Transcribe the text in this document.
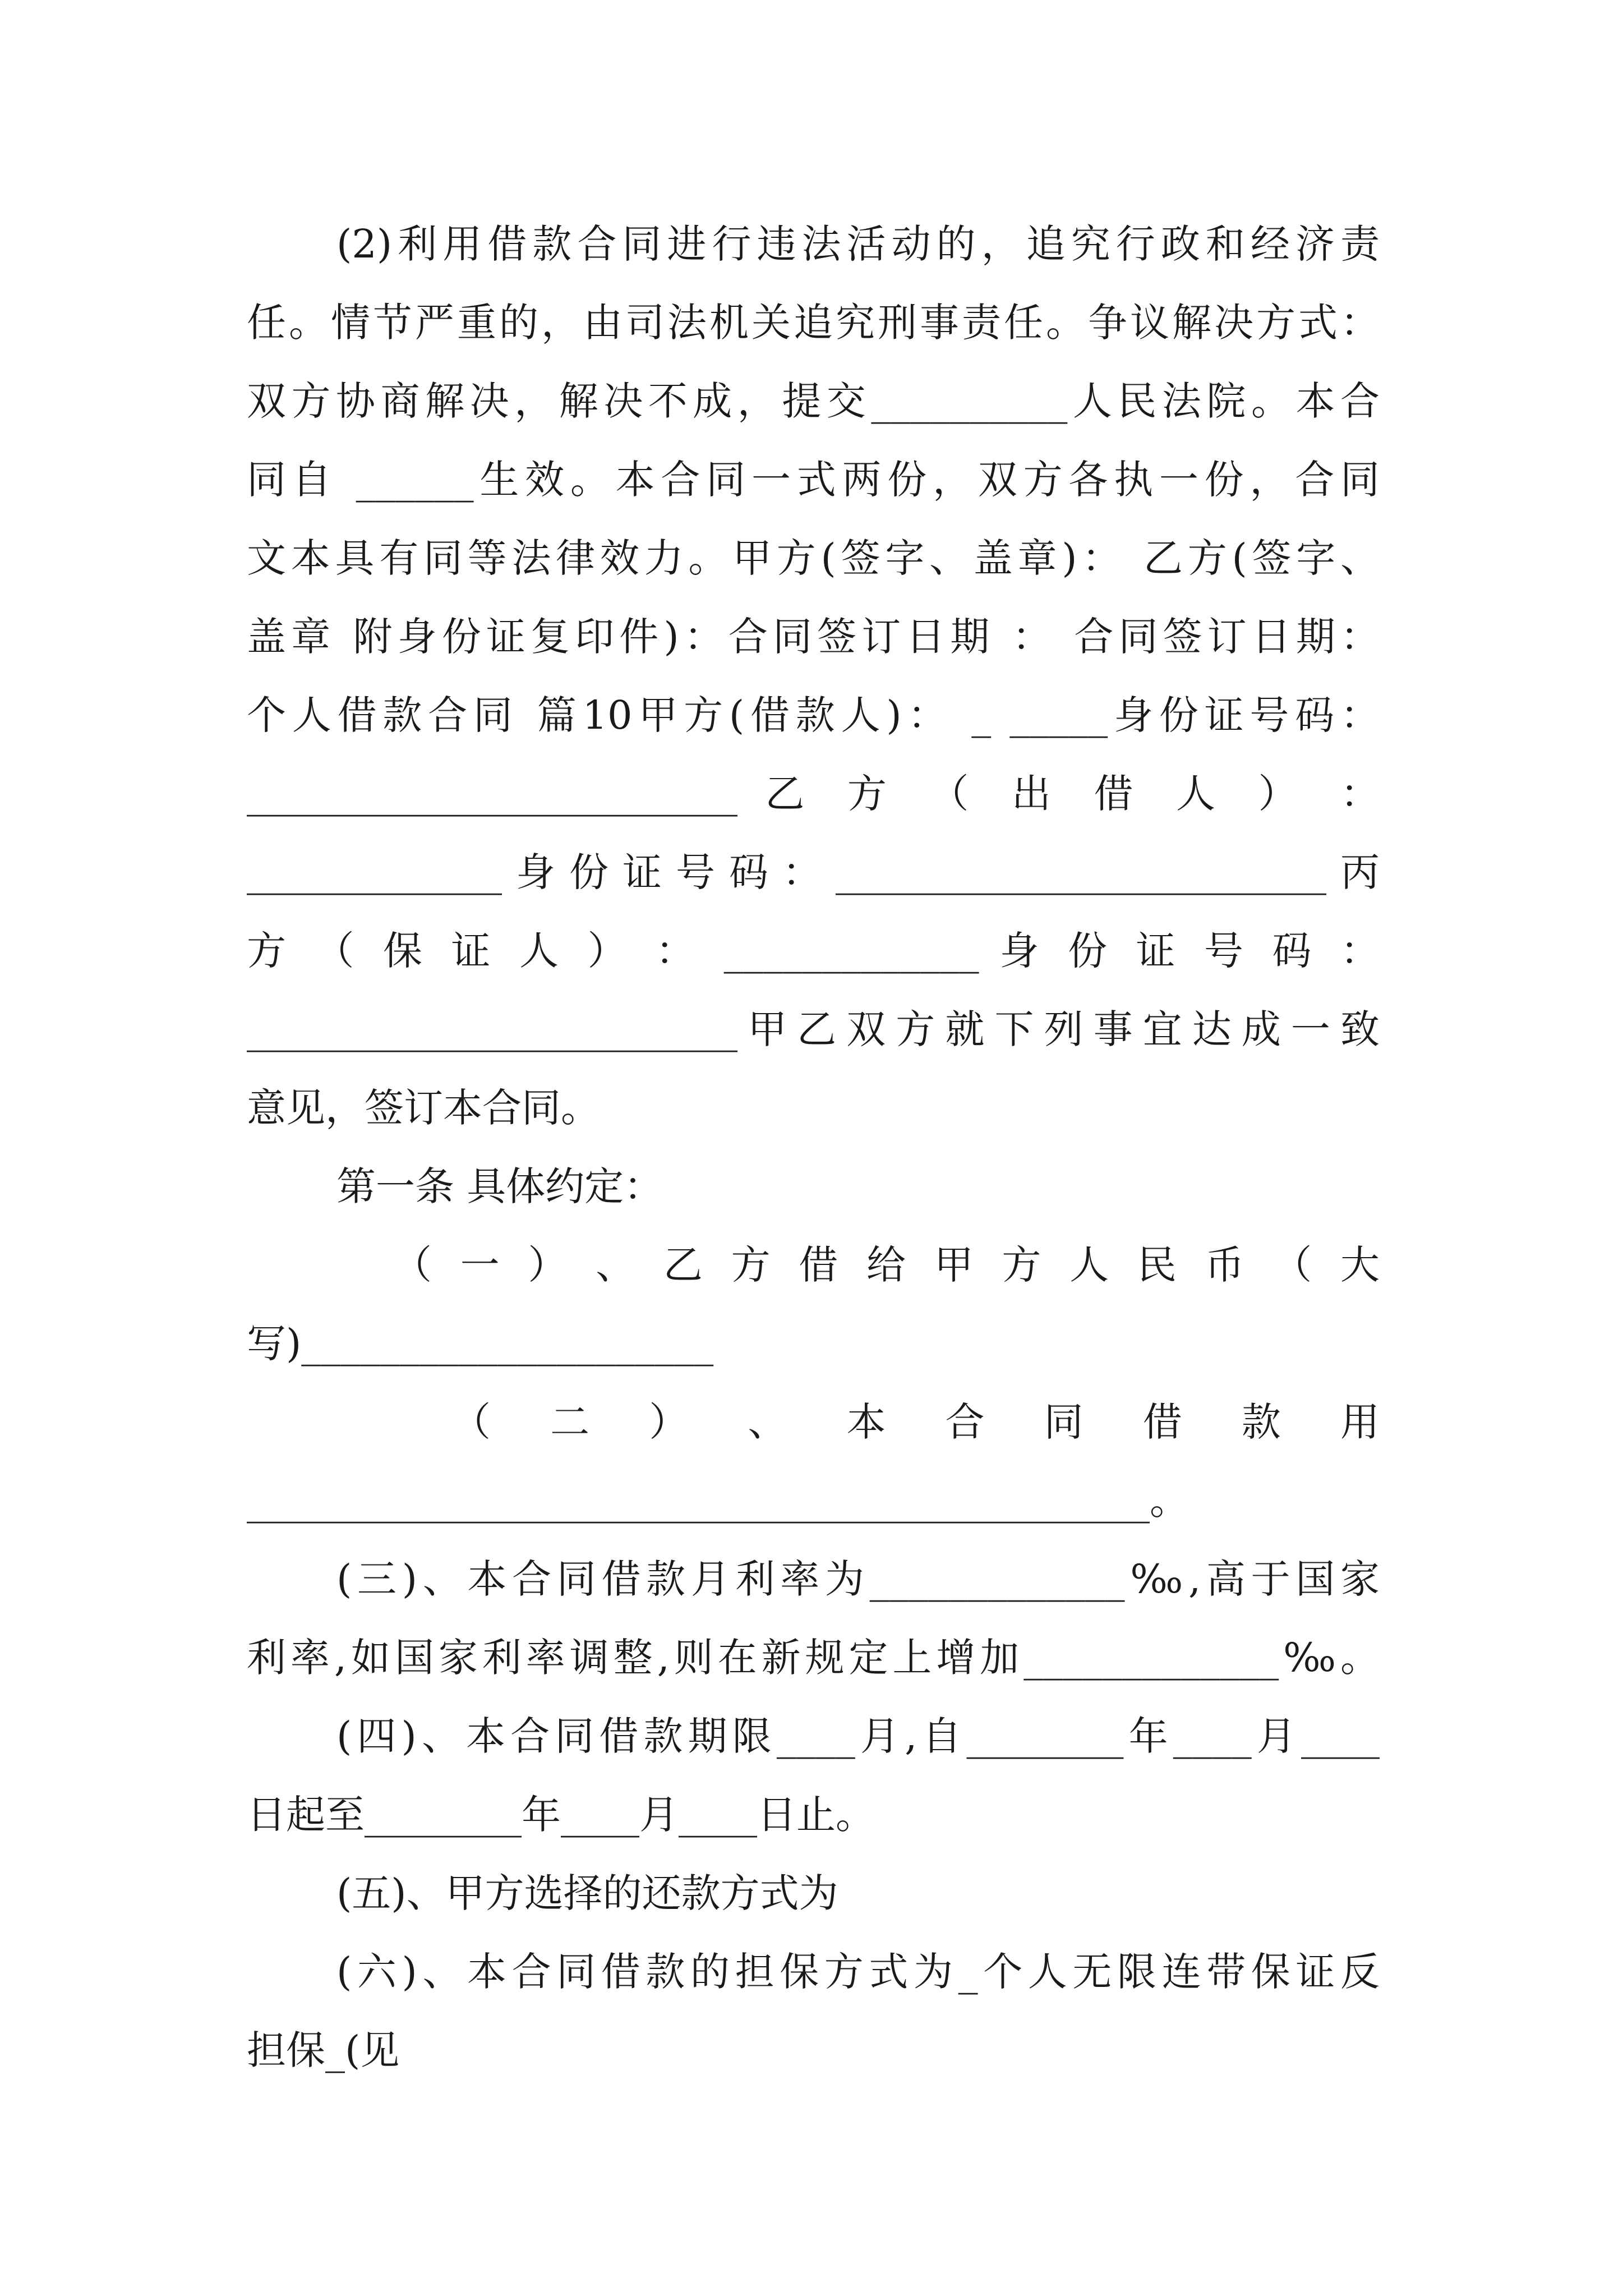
(2)利用借款合同进行违法活动的，追究行政和经济责
任。情节严重的，由司法机关追究刑事责任。争议解决方式：
双方协商解决，解决不成，提交__________人民法院。本合
同自 ______生效。本合同一式两份，双方各执一份，合同
文本具有同等法律效力。甲方(签字、盖章)： 乙方(签字、
盖章 附身份证复印件)：合同签订日期 ： 合同签订日期：
个人借款合同 篇10甲方(借款人)： _ _____身份证号码：
_________________________ 乙 方 （ 出 借 人 ） ：
_____________身份证号码：_________________________丙
方 （ 保 证 人 ） ： _____________ 身 份 证 号 码 ：
_________________________甲乙双方就下列事宜达成一致
意见，签订本合同。
第一条 具体约定：
（ 一 ） 、 乙 方 借 给 甲 方 人 民 币 （ 大
写)_____________________
（ 二 ） 、 本 合 同 借 款 用
______________________________________________。
(三)、本合同借款月利率为_____________‰,高于国家
利率,如国家利率调整,则在新规定上增加_____________‰。
(四)、本合同借款期限____月,自________年____月____
日起至________年____月____日止。
(五)、甲方选择的还款方式为
(六)、本合同借款的担保方式为_个人无限连带保证反
担保_(见
